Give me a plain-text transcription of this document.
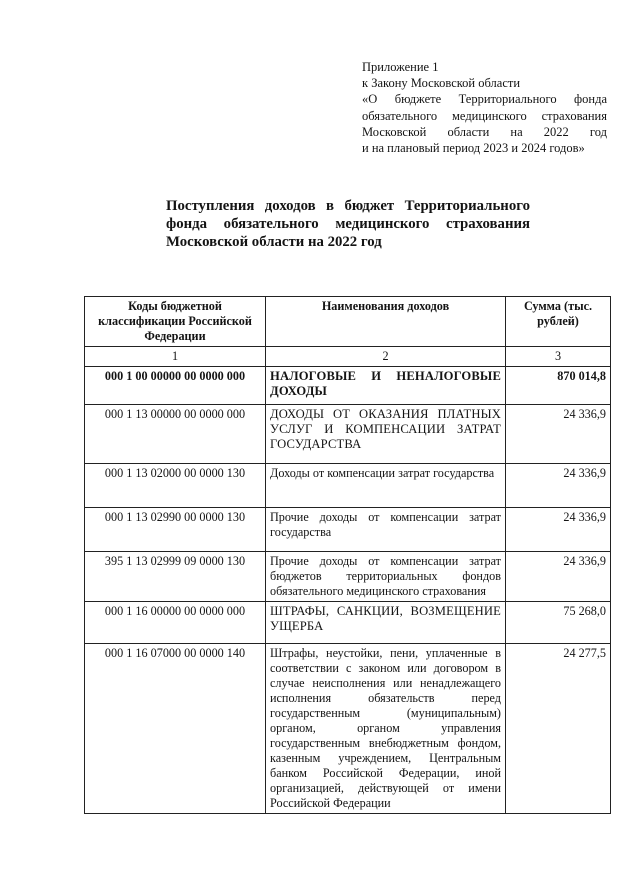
Приложение 1
к Закону Московской области
«О бюджете Территориального фонда
обязательного медицинского страхования
Московской области на 2022 год
и на плановый период 2023 и 2024 годов»
Поступления доходов в бюджет Территориального
фонда обязательного медицинского страхования
Московской области на 2022 год
Коды бюджетной классификации Российской Федерации	Наименования доходов	Сумма (тыс. рублей)
1	2	3
000 1 00 00000 00 0000 000	НАЛОГОВЫЕ И НЕНАЛОГОВЫЕ ДОХОДЫ	870 014,8
000 1 13 00000 00 0000 000	ДОХОДЫ ОТ ОКАЗАНИЯ ПЛАТНЫХ УСЛУГ И КОМПЕНСАЦИИ ЗАТРАТ ГОСУДАРСТВА	24 336,9
000 1 13 02000 00 0000 130	Доходы от компенсации затрат государства	24 336,9
000 1 13 02990 00 0000 130	Прочие доходы от компенсации затрат государства	24 336,9
395 1 13 02999 09 0000 130	Прочие доходы от компенсации затрат бюджетов территориальных фондов обязательного медицинского страхования	24 336,9
000 1 16 00000 00 0000 000	ШТРАФЫ, САНКЦИИ, ВОЗМЕЩЕНИЕ УЩЕРБА	75 268,0
000 1 16 07000 00 0000 140	Штрафы, неустойки, пени, уплаченные в соответствии с законом или договором в случае неисполнения или ненадлежащего исполнения обязательств перед государственным (муниципальным) органом, органом управления государственным внебюджетным фондом, казенным учреждением, Центральным банком Российской Федерации, иной организацией, действующей от имени Российской Федерации	24 277,5
